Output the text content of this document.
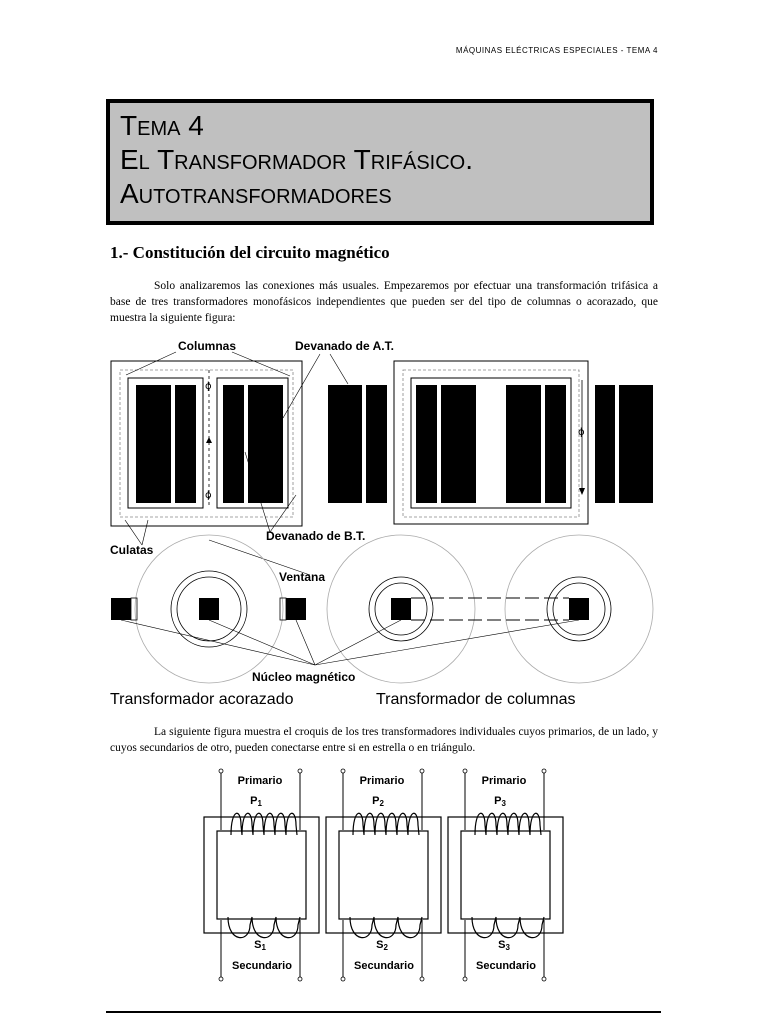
MÁQUINAS ELÉCTRICAS ESPECIALES - TEMA 4
Tema 4
El Transformador Trifásico.
Autotransformadores
1.- Constitución del circuito magnético
Solo analizaremos las conexiones más usuales. Empezaremos por efectuar una transformación trifásica a base de tres transformadores monofásicos independientes que pueden ser del tipo de columnas o acorazado, que muestra la siguiente figura:
ϕ
ϕ
ϕ
Columnas	Devanado de A.T.
Devanado de B.T.
Culatas
Ventana
Núcleo magnético
Transformador acorazado	Transformador de columnas
La siguiente figura muestra el croquis de los tres transformadores individuales cuyos primarios, de un lado, y cuyos secundarios de otro, pueden conectarse entre si en estrella o en triángulo.
Primario
P1
S1
Secundario
Primario
P2
S2
Secundario
Primario
P3
S3
Secundario
